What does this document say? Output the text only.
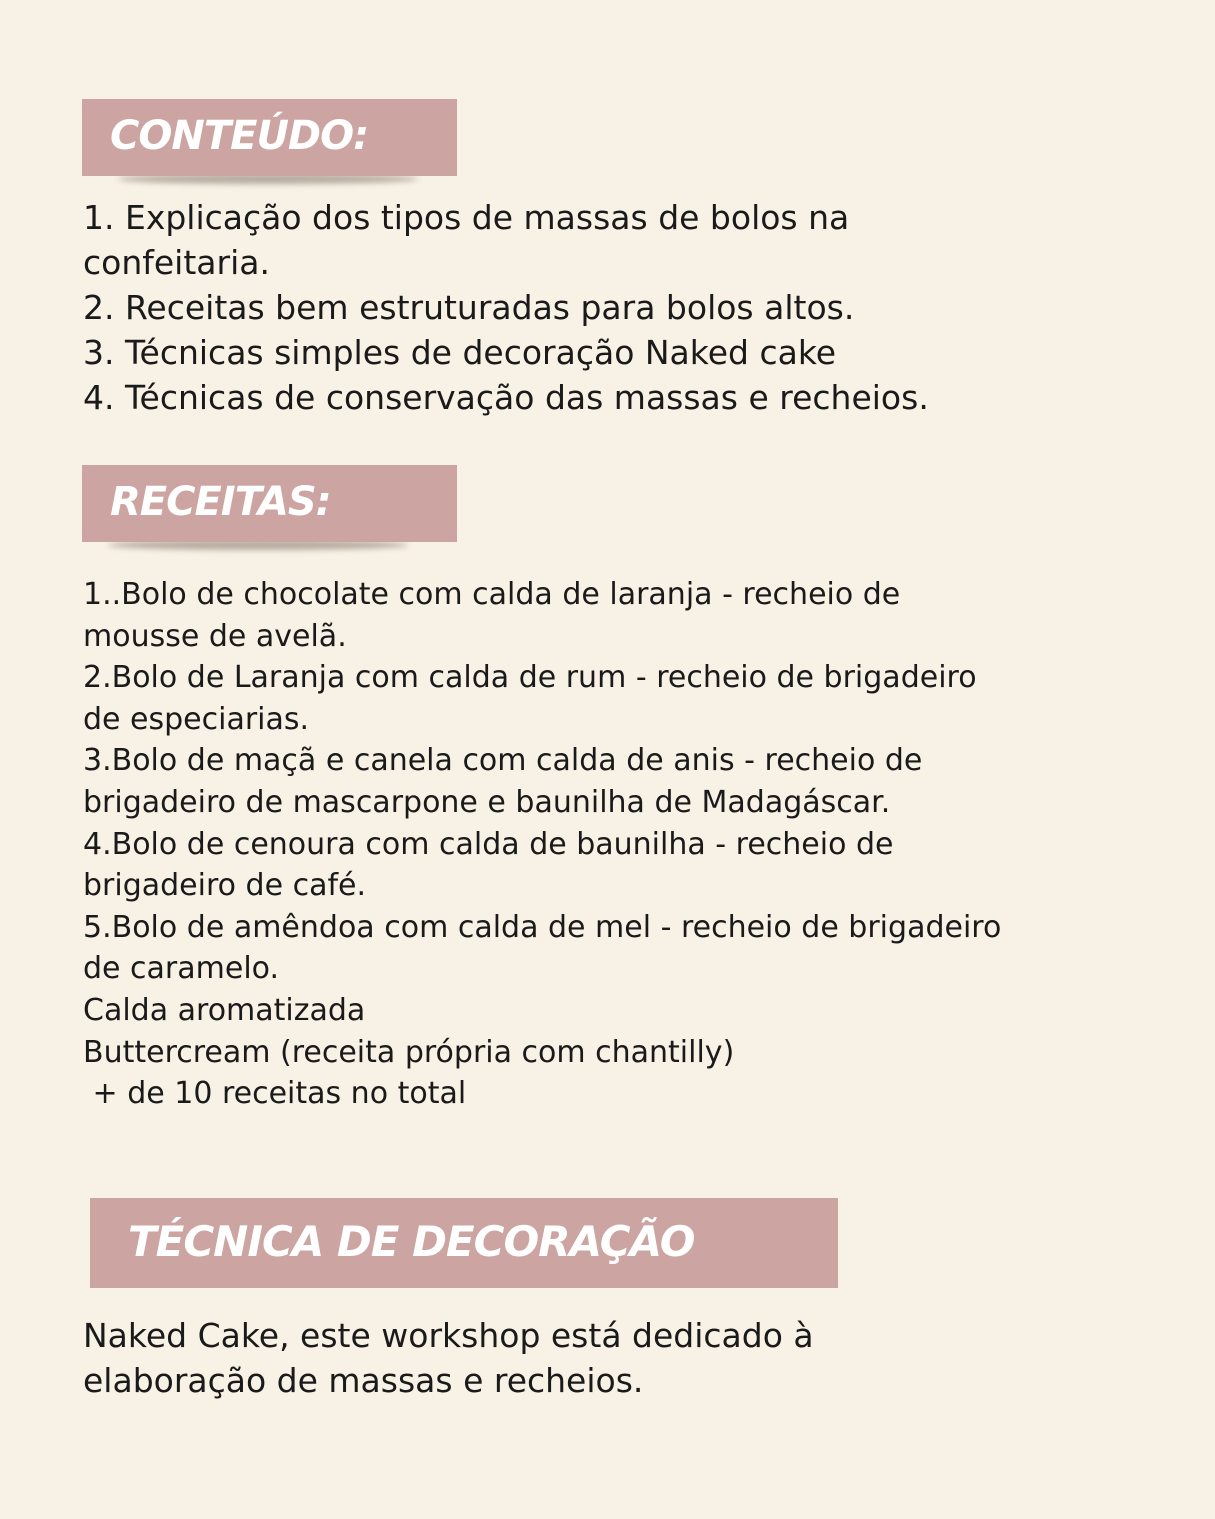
CONTEÚDO:
1. Explicação dos tipos de massas de bolos na confeitaria.
2. Receitas bem estruturadas para bolos altos.
3. Técnicas simples de decoração Naked cake
4. Técnicas de conservação das massas e recheios.
RECEITAS:
1..Bolo de chocolate com calda de laranja - recheio de mousse de avelã.
2.Bolo de Laranja com calda de rum - recheio de brigadeiro de especiarias.
3.Bolo de maçã e canela com calda de anis - recheio de brigadeiro de mascarpone e baunilha de Madagáscar.
4.Bolo de cenoura com calda de baunilha - recheio de brigadeiro de café.
5.Bolo de amêndoa com calda de mel - recheio de brigadeiro de caramelo.
Calda aromatizada
Buttercream (receita própria com chantilly)
+ de 10 receitas no total
TÉCNICA DE DECORAÇÃO

Naked Cake, este workshop está dedicado à elaboração de massas e recheios.
